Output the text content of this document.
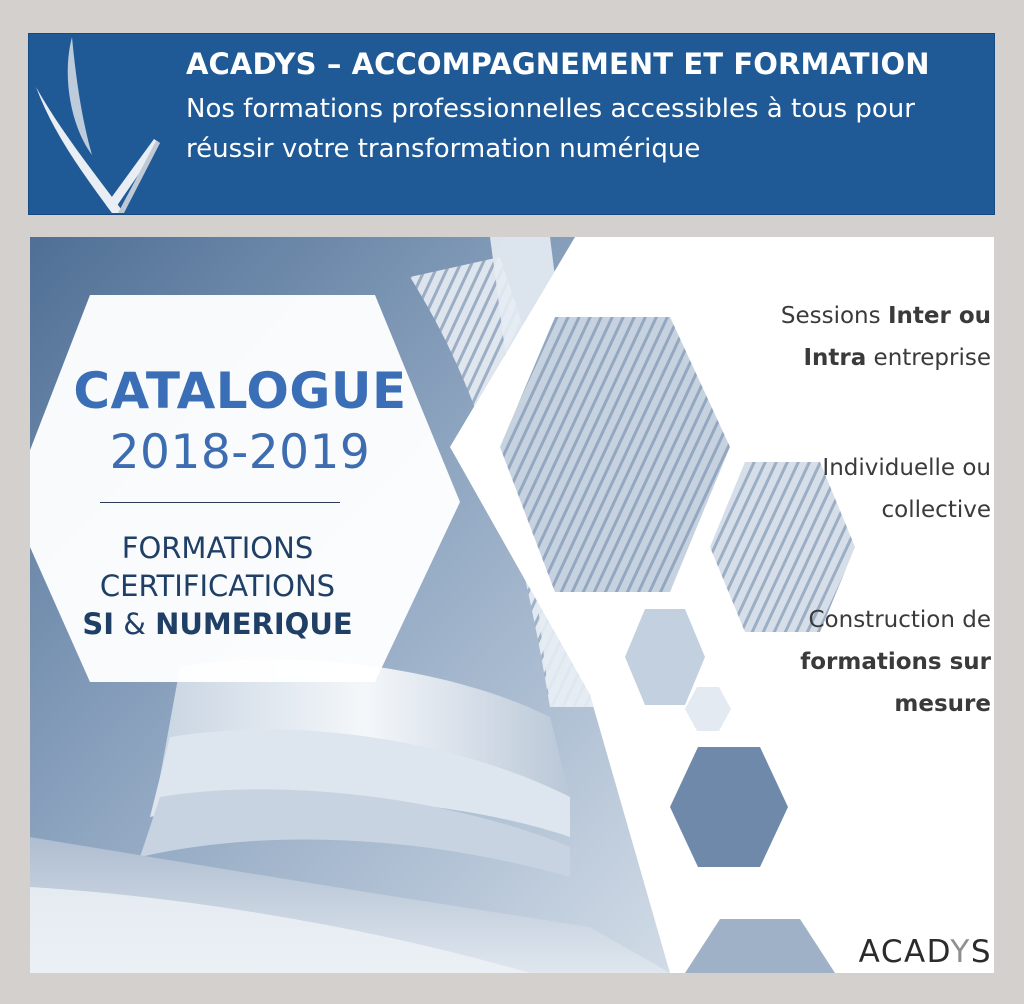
ACADYS – ACCOMPAGNEMENT ET FORMATION
Nos formations professionnelles accessibles à tous pour réussir votre transformation numérique
CATALOGUE
2018-2019
FORMATIONS
CERTIFICATIONS
SI & NUMERIQUE

Sessions Inter ou Intra entreprise

Individuelle ou collective

Construction de formations sur mesure

ACADYS
